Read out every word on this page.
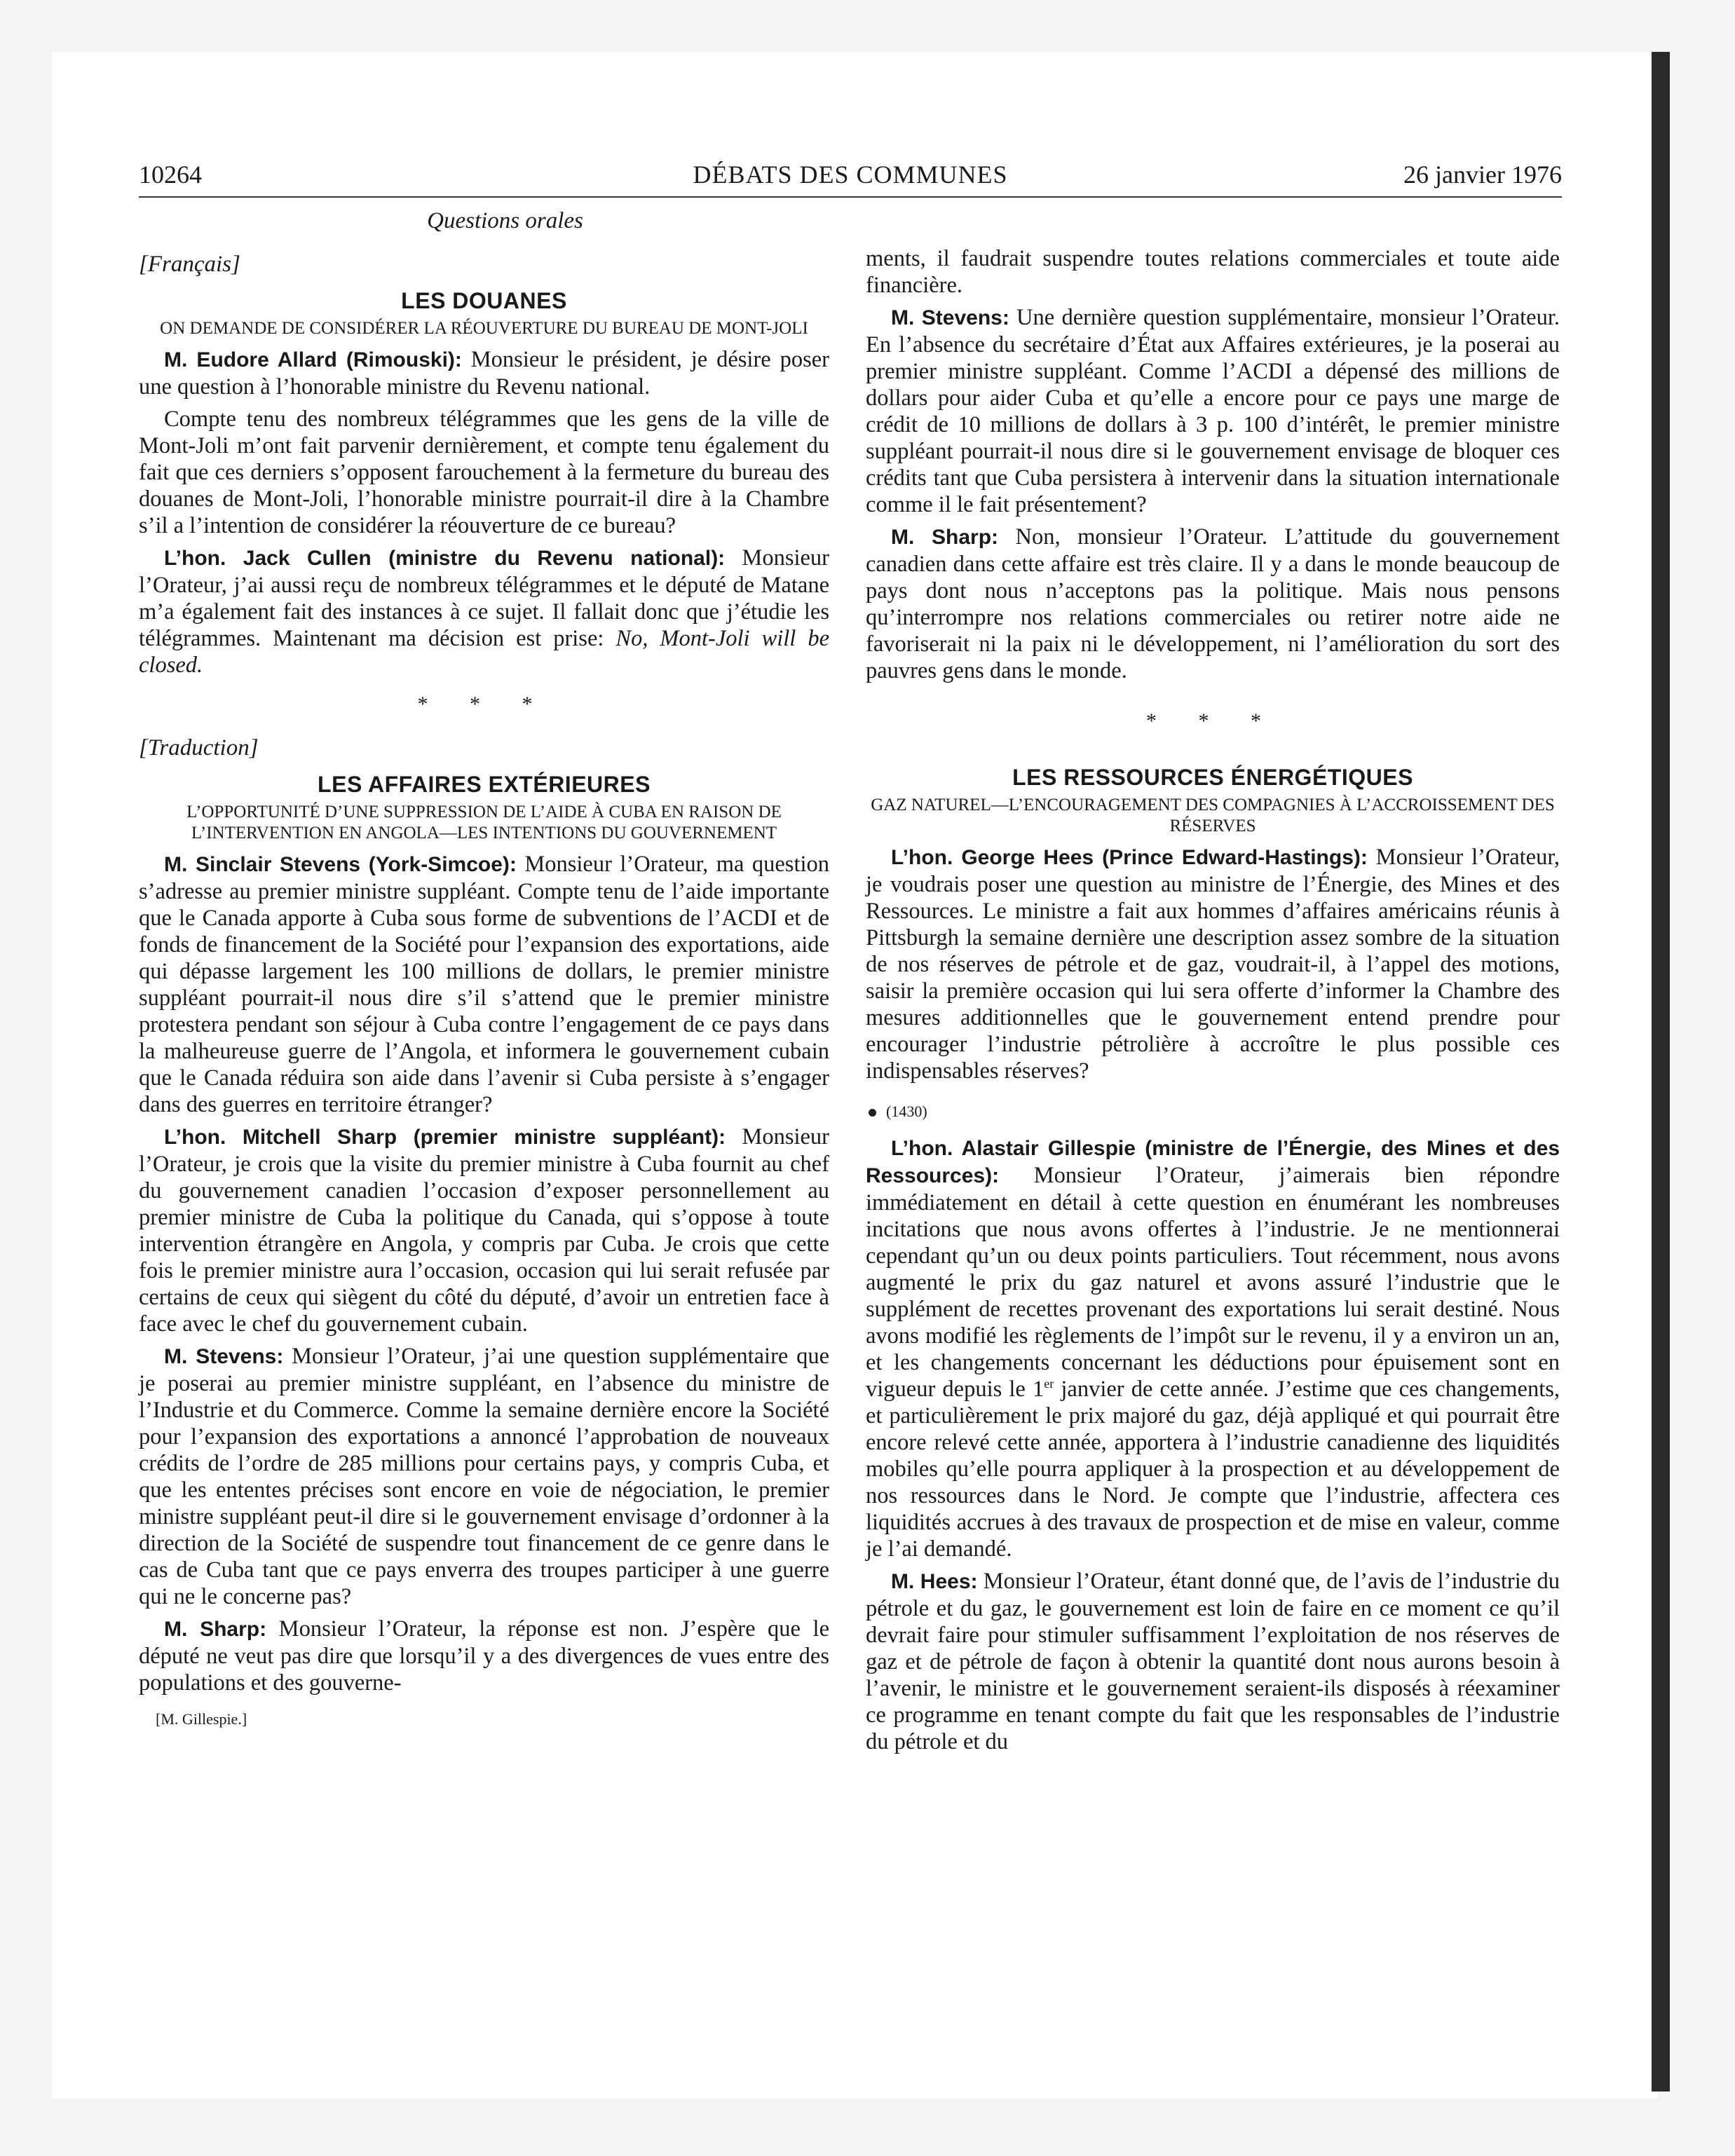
10264	DÉBATS DES COMMUNES	26 janvier 1976
Questions orales
[Français]
LES DOUANES
ON DEMANDE DE CONSIDÉRER LA RÉOUVERTURE DU BUREAU DE MONT-JOLI

M. Eudore Allard (Rimouski): Monsieur le président, je désire poser une question à l’honorable ministre du Revenu national.

Compte tenu des nombreux télégrammes que les gens de la ville de Mont-Joli m’ont fait parvenir dernièrement, et compte tenu également du fait que ces derniers s’opposent farouchement à la fermeture du bureau des douanes de Mont-Joli, l’honorable ministre pourrait-il dire à la Chambre s’il a l’intention de considérer la réouverture de ce bureau?

L’hon. Jack Cullen (ministre du Revenu national): Monsieur l’Orateur, j’ai aussi reçu de nombreux télégrammes et le député de Matane m’a également fait des instances à ce sujet. Il fallait donc que j’étudie les télégrammes. Maintenant ma décision est prise: No, Mont-Joli will be closed.

* * *
[Traduction]
LES AFFAIRES EXTÉRIEURES
L’OPPORTUNITÉ D’UNE SUPPRESSION DE L’AIDE À CUBA EN RAISON DE L’INTERVENTION EN ANGOLA—LES INTENTIONS DU GOUVERNEMENT

M. Sinclair Stevens (York-Simcoe): Monsieur l’Orateur, ma question s’adresse au premier ministre suppléant. Compte tenu de l’aide importante que le Canada apporte à Cuba sous forme de subventions de l’ACDI et de fonds de financement de la Société pour l’expansion des exportations, aide qui dépasse largement les 100 millions de dollars, le premier ministre suppléant pourrait-il nous dire s’il s’attend que le premier ministre protestera pendant son séjour à Cuba contre l’engagement de ce pays dans la malheureuse guerre de l’Angola, et informera le gouvernement cubain que le Canada réduira son aide dans l’avenir si Cuba persiste à s’engager dans des guerres en territoire étranger?

L’hon. Mitchell Sharp (premier ministre suppléant): Monsieur l’Orateur, je crois que la visite du premier ministre à Cuba fournit au chef du gouvernement canadien l’occasion d’exposer personnellement au premier ministre de Cuba la politique du Canada, qui s’oppose à toute intervention étrangère en Angola, y compris par Cuba. Je crois que cette fois le premier ministre aura l’occasion, occasion qui lui serait refusée par certains de ceux qui siègent du côté du député, d’avoir un entretien face à face avec le chef du gouvernement cubain.

M. Stevens: Monsieur l’Orateur, j’ai une question supplémentaire que je poserai au premier ministre suppléant, en l’absence du ministre de l’Industrie et du Commerce. Comme la semaine dernière encore la Société pour l’expansion des exportations a annoncé l’approbation de nouveaux crédits de l’ordre de 285 millions pour certains pays, y compris Cuba, et que les ententes précises sont encore en voie de négociation, le premier ministre suppléant peut-il dire si le gouvernement envisage d’ordonner à la direction de la Société de suspendre tout financement de ce genre dans le cas de Cuba tant que ce pays enverra des troupes participer à une guerre qui ne le concerne pas?

M. Sharp: Monsieur l’Orateur, la réponse est non. J’espère que le député ne veut pas dire que lorsqu’il y a des divergences de vues entre des populations et des gouverne-

[M. Gillespie.]

ments, il faudrait suspendre toutes relations commerciales et toute aide financière.

M. Stevens: Une dernière question supplémentaire, monsieur l’Orateur. En l’absence du secrétaire d’État aux Affaires extérieures, je la poserai au premier ministre suppléant. Comme l’ACDI a dépensé des millions de dollars pour aider Cuba et qu’elle a encore pour ce pays une marge de crédit de 10 millions de dollars à 3 p. 100 d’intérêt, le premier ministre suppléant pourrait-il nous dire si le gouvernement envisage de bloquer ces crédits tant que Cuba persistera à intervenir dans la situation internationale comme il le fait présentement?

M. Sharp: Non, monsieur l’Orateur. L’attitude du gouvernement canadien dans cette affaire est très claire. Il y a dans le monde beaucoup de pays dont nous n’acceptons pas la politique. Mais nous pensons qu’interrompre nos relations commerciales ou retirer notre aide ne favoriserait ni la paix ni le développement, ni l’amélioration du sort des pauvres gens dans le monde.

* * *
LES RESSOURCES ÉNERGÉTIQUES
GAZ NATUREL—L’ENCOURAGEMENT DES COMPAGNIES À L’ACCROISSEMENT DES RÉSERVES

L’hon. George Hees (Prince Edward-Hastings): Monsieur l’Orateur, je voudrais poser une question au ministre de l’Énergie, des Mines et des Ressources. Le ministre a fait aux hommes d’affaires américains réunis à Pittsburgh la semaine dernière une description assez sombre de la situation de nos réserves de pétrole et de gaz, voudrait-il, à l’appel des motions, saisir la première occasion qui lui sera offerte d’informer la Chambre des mesures additionnelles que le gouvernement entend prendre pour encourager l’industrie pétrolière à accroître le plus possible ces indispensables réserves?

(1430)

L’hon. Alastair Gillespie (ministre de l’Énergie, des Mines et des Ressources): Monsieur l’Orateur, j’aimerais bien répondre immédiatement en détail à cette question en énumérant les nombreuses incitations que nous avons offertes à l’industrie. Je ne mentionnerai cependant qu’un ou deux points particuliers. Tout récemment, nous avons augmenté le prix du gaz naturel et avons assuré l’industrie que le supplément de recettes provenant des exportations lui serait destiné. Nous avons modifié les règlements de l’impôt sur le revenu, il y a environ un an, et les changements concernant les déductions pour épuisement sont en vigueur depuis le 1er janvier de cette année. J’estime que ces changements, et particulièrement le prix majoré du gaz, déjà appliqué et qui pourrait être encore relevé cette année, apportera à l’industrie canadienne des liquidités mobiles qu’elle pourra appliquer à la prospection et au développement de nos ressources dans le Nord. Je compte que l’industrie, affectera ces liquidités accrues à des travaux de prospection et de mise en valeur, comme je l’ai demandé.

M. Hees: Monsieur l’Orateur, étant donné que, de l’avis de l’industrie du pétrole et du gaz, le gouvernement est loin de faire en ce moment ce qu’il devrait faire pour stimuler suffisamment l’exploitation de nos réserves de gaz et de pétrole de façon à obtenir la quantité dont nous aurons besoin à l’avenir, le ministre et le gouvernement seraient-ils disposés à réexaminer ce programme en tenant compte du fait que les responsables de l’industrie du pétrole et du
